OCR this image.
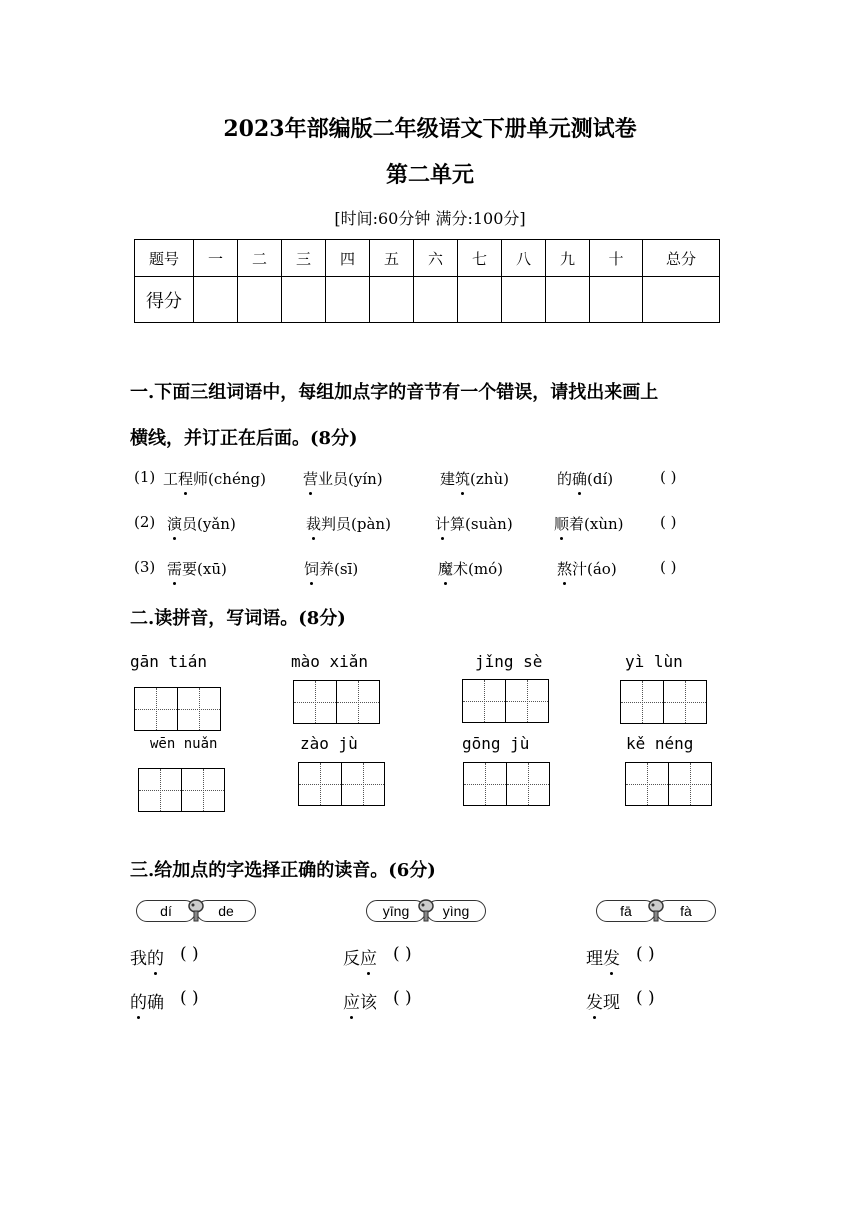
2023年部编版二年级语文下册单元测试卷
第二单元
[时间:60分钟 满分:100分]
题号	一	二	三	四	五	六	七	八	九	十	总分
得分											
一.下面三组词语中，每组加点字的音节有一个错误，请找出来画上
横线，并订正在后面。(8分)
(1) 工程师(chéng) 营业员(yín)	建筑(zhù)	的确(dí)	( )
(2) 演员(yǎn)	裁判员(pàn)	计算(suàn)	顺着(xùn) ( )
(3) 需要(xū)	饲养(sī)	魔术(mó)	熬汁(áo)	( )
二.读拼音，写词语。(8分)
gān tián	mào xiǎn	jǐng sè	yì lùn
wēn nuǎn	zào jù	gōng jù	kě néng
三.给加点的字选择正确的读音。(6分)
dí	de	yīng	yìng	fā	fà
我的 ( )	反应 ( )	理发 ( )
的确 ( )	应该 ( )	发现 ( )
